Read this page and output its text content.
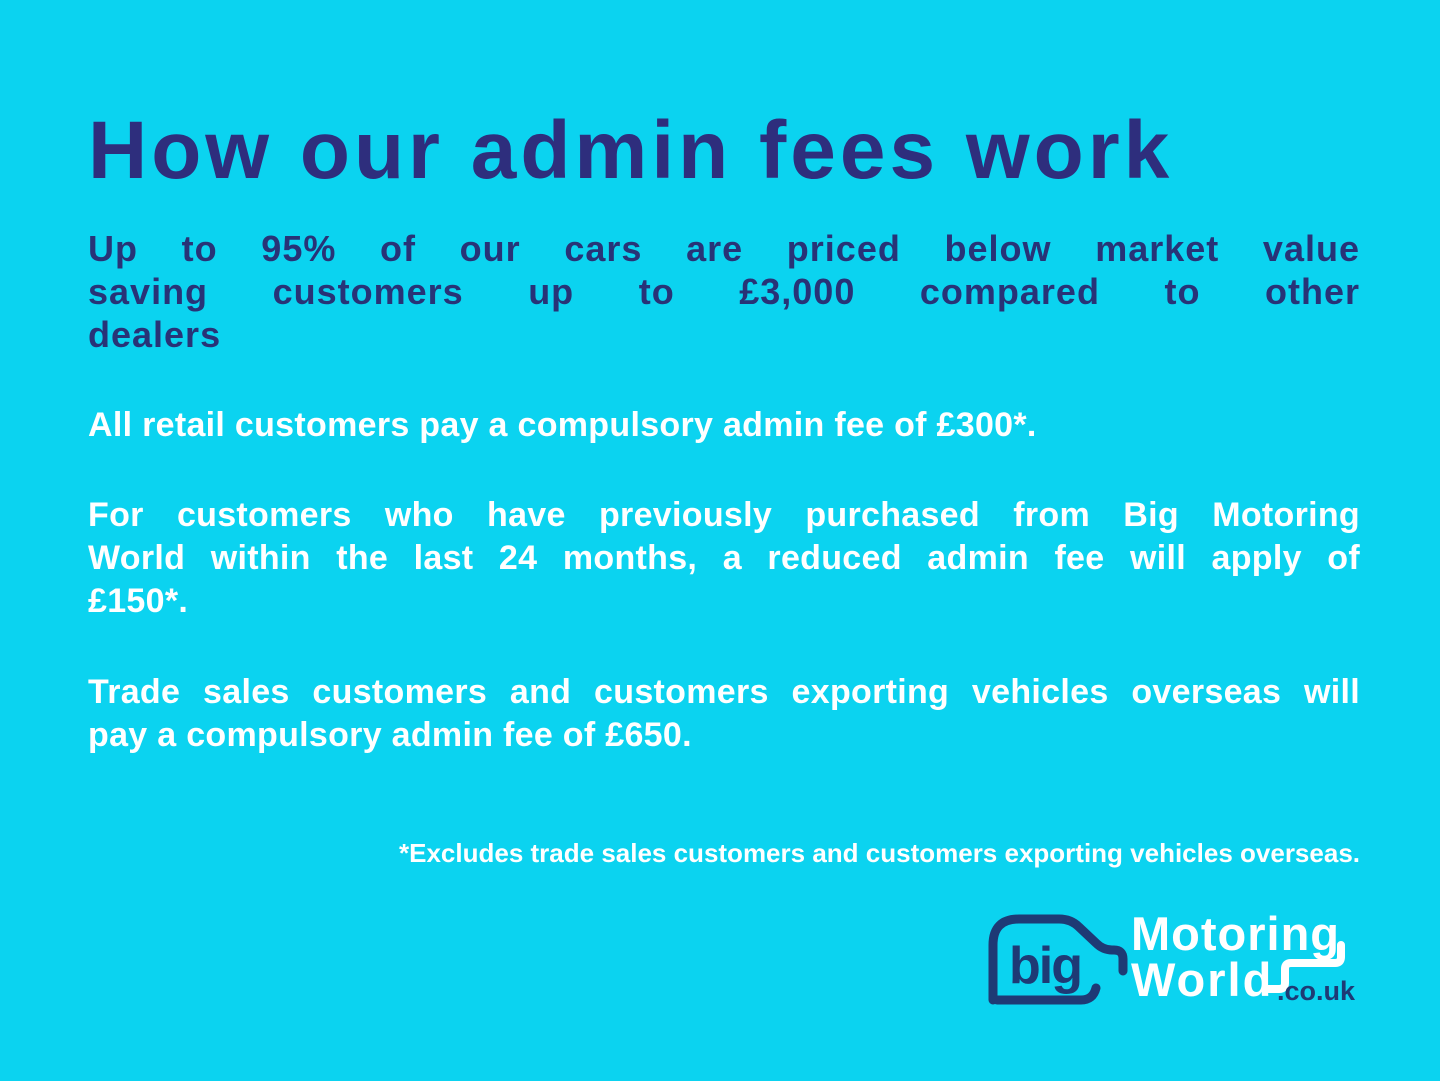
How our admin fees work
Up to 95% of our cars are priced below market value
saving customers up to £3,000 compared to other
dealers
All retail customers pay a compulsory admin fee of £300*.
For customers who have previously purchased from Big Motoring
World within the last 24 months, a reduced admin fee will apply of
£150*.
Trade sales customers and customers exporting vehicles overseas will
pay a compulsory admin fee of £650.
*Excludes trade sales customers and customers exporting vehicles overseas.
big
Motoring
World .co.uk
